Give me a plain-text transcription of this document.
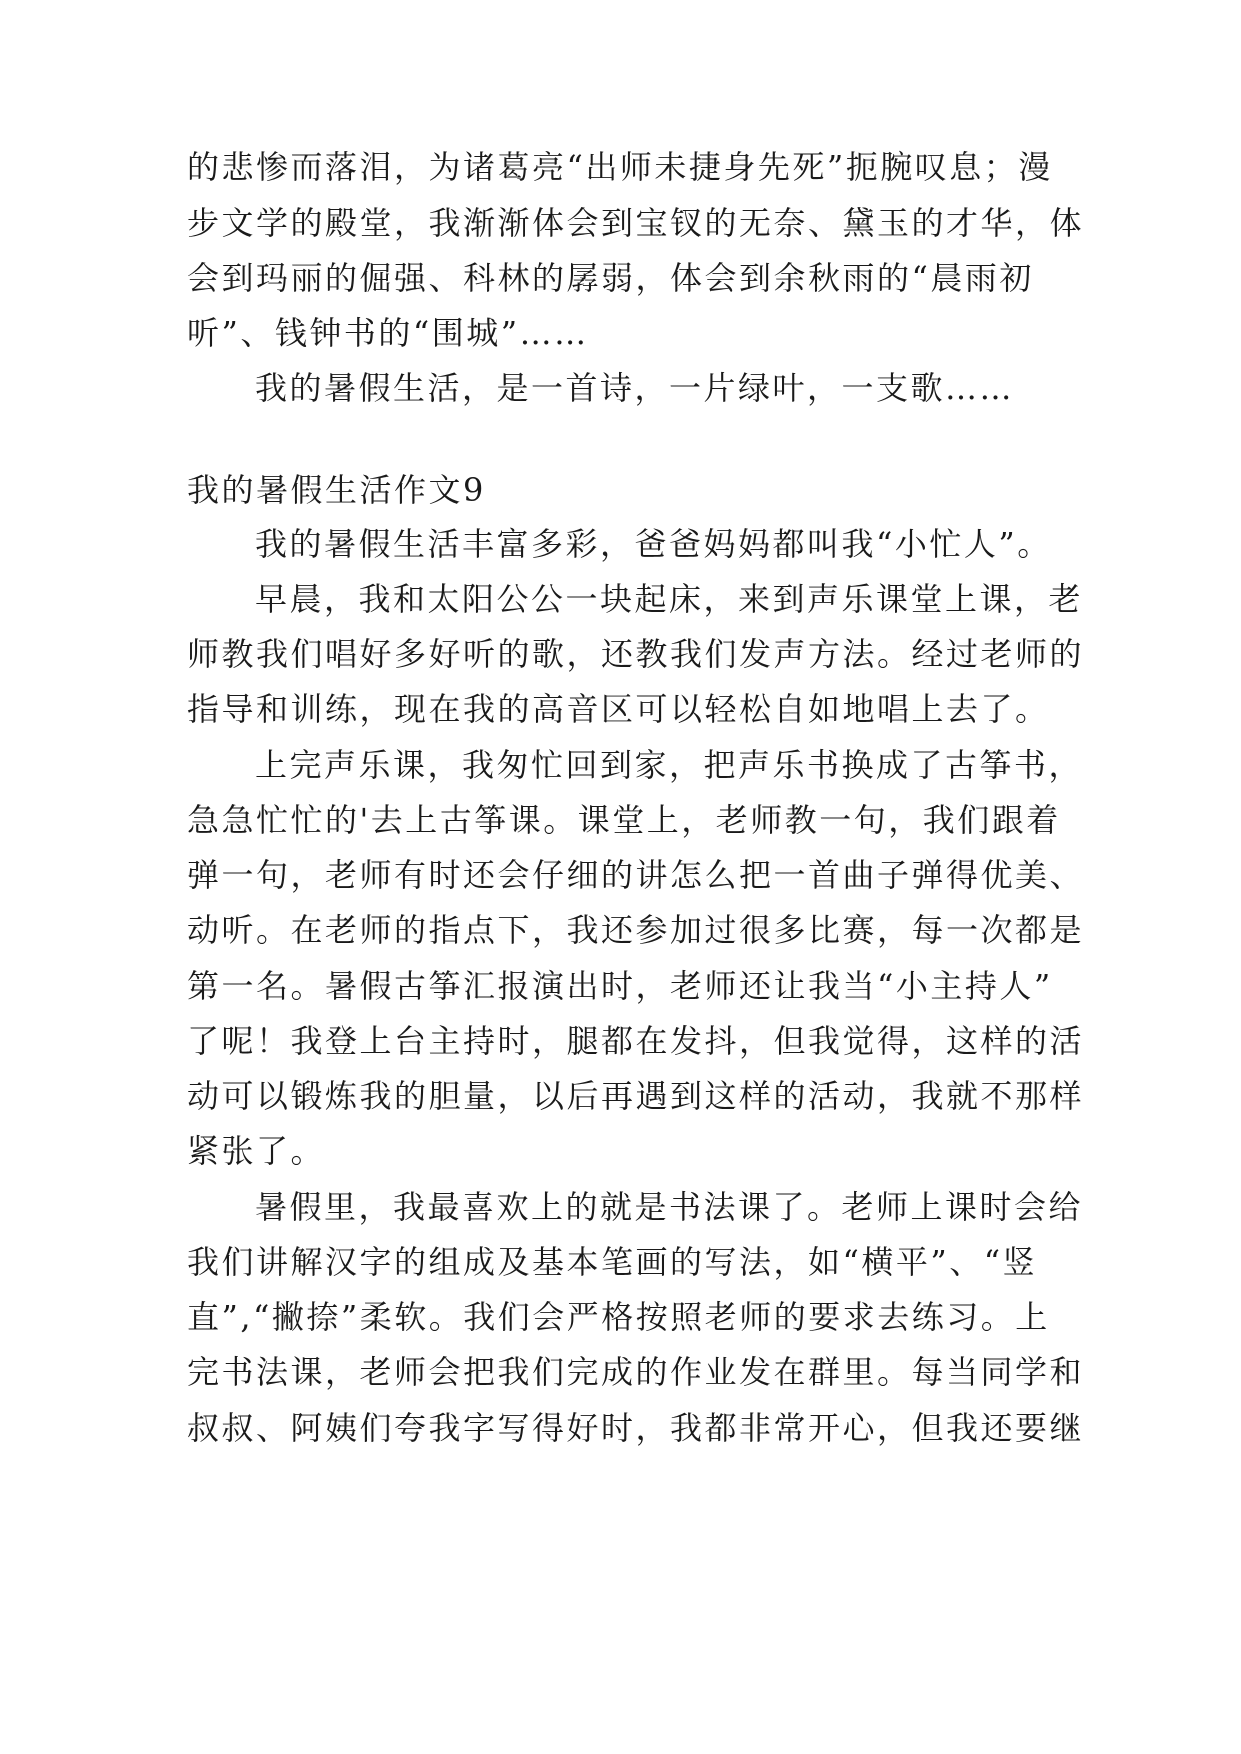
的悲惨而落泪，为诸葛亮“出师未捷身先死”扼腕叹息；漫
步文学的殿堂，我渐渐体会到宝钗的无奈、黛玉的才华，体
会到玛丽的倔强、科林的孱弱，体会到余秋雨的“晨雨初
听”、钱钟书的“围城”……
我的暑假生活，是一首诗，一片绿叶，一支歌……
我的暑假生活作文9
我的暑假生活丰富多彩，爸爸妈妈都叫我“小忙人”。
早晨，我和太阳公公一块起床，来到声乐课堂上课，老
师教我们唱好多好听的歌，还教我们发声方法。经过老师的
指导和训练，现在我的高音区可以轻松自如地唱上去了。
上完声乐课，我匆忙回到家，把声乐书换成了古筝书，
急急忙忙的'去上古筝课。课堂上，老师教一句，我们跟着
弹一句，老师有时还会仔细的讲怎么把一首曲子弹得优美、
动听。在老师的指点下，我还参加过很多比赛，每一次都是
第一名。暑假古筝汇报演出时，老师还让我当“小主持人”
了呢！我登上台主持时，腿都在发抖，但我觉得，这样的活
动可以锻炼我的胆量，以后再遇到这样的活动，我就不那样
紧张了。
暑假里，我最喜欢上的就是书法课了。老师上课时会给
我们讲解汉字的组成及基本笔画的写法，如“横平”、“竖
直”,“撇捺”柔软。我们会严格按照老师的要求去练习。上
完书法课，老师会把我们完成的作业发在群里。每当同学和
叔叔、阿姨们夸我字写得好时，我都非常开心，但我还要继
